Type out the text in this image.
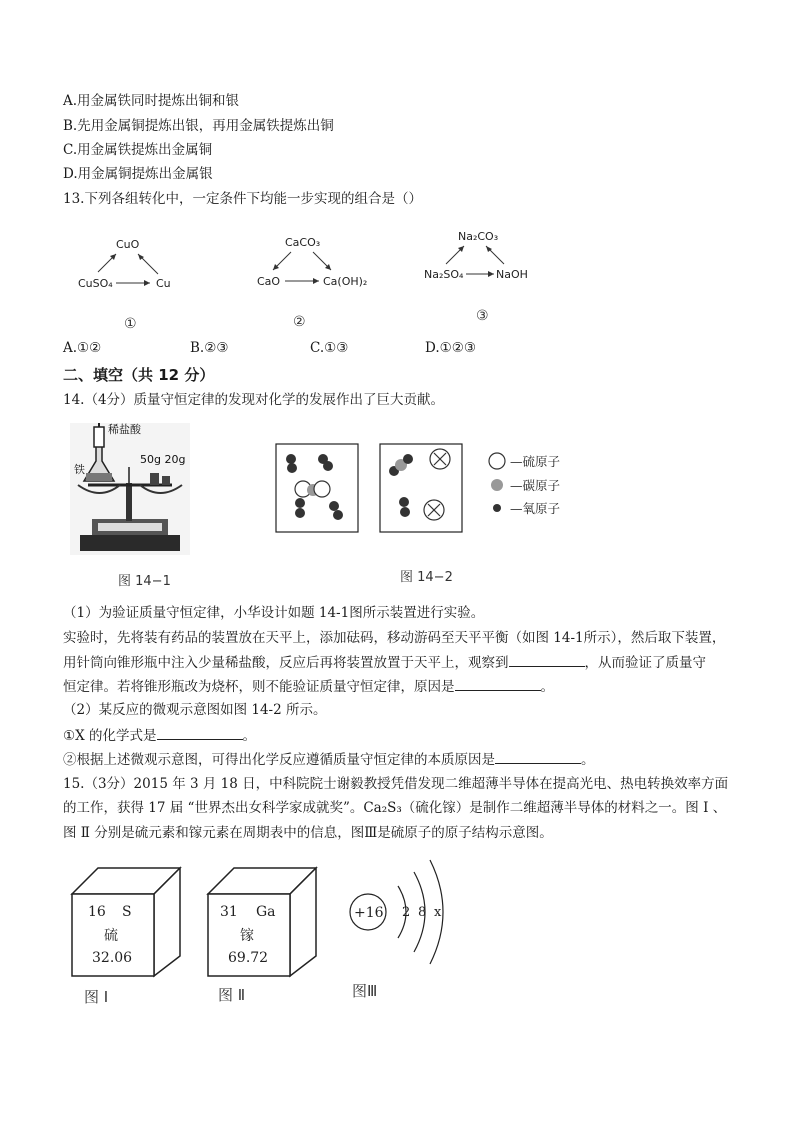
A.用金属铁同时提炼出铜和银
B.先用金属铜提炼出银，再用金属铁提炼出铜
C.用金属铁提炼出金属铜
D.用金属铜提炼出金属银
13.下列各组转化中，一定条件下均能一步实现的组合是（）
CuO
CuSO₄	Cu
①
CaCO₃
CaO	Ca(OH)₂
②
Na₂CO₃
Na₂SO₄	NaOH
③
A.①②	B.②③	C.①③	D.①②③
二、填空（共 12 分）
14.（4分）质量守恒定律的发现对化学的发展作出了巨大贡献。
稀盐酸
铁
50g 20g
图 14−1
—硫原子
—碳原子
—氧原子
图 14−2
（1）为验证质量守恒定律，小华设计如题 14-1图所示装置进行实验。
实验时，先将装有药品的装置放在天平上，添加砝码，移动游码至天平平衡（如图 14-1所示），然后取下装置，
用针筒向锥形瓶中注入少量稀盐酸，反应后再将装置放置于天平上，观察到	，从而验证了质量守
恒定律。若将锥形瓶改为烧杯，则不能验证质量守恒定律，原因是	。
（2）某反应的微观示意图如图 14-2 所示。
①X 的化学式是	。
②根据上述微观示意图，可得出化学反应遵循质量守恒定律的本质原因是	。
15.（3分）2015 年 3 月 18 日，中科院院士谢毅教授凭借发现二维超薄半导体在提高光电、热电转换效率方面
的工作，获得 17 届 “世界杰出女科学家成就奖”。Ca₂S₃（硫化镓）是制作二维超薄半导体的材料之一。图 Ⅰ 、
图 Ⅱ 分别是硫元素和镓元素在周期表中的信息，图Ⅲ是硫原子的原子结构示意图。
16 S
硫
32.06
图 Ⅰ
31 Ga
镓
69.72
图 Ⅱ
+16 2 8 x
图Ⅲ
